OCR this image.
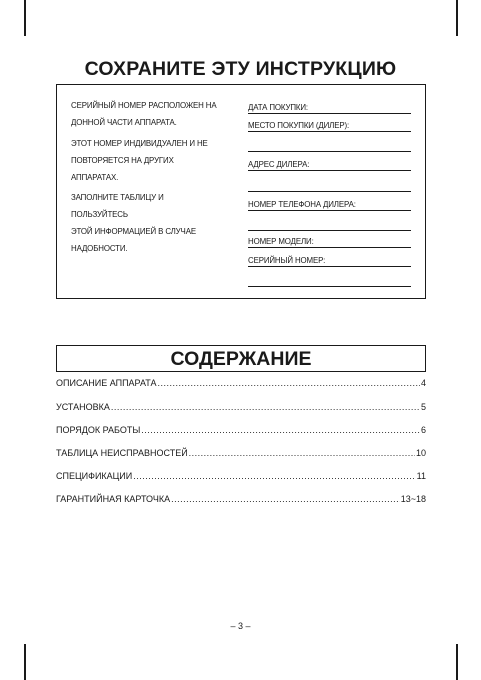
СОХРАНИТЕ ЭТУ ИНСТРУКЦИЮ

СЕРИЙНЫЙ НОМЕР РАСПОЛОЖЕН НА
ДОННОЙ ЧАСТИ АППАРАТА.

ЭТОТ НОМЕР ИНДИВИДУАЛЕН И НЕ
ПОВТОРЯЕТСЯ НА ДРУГИХ АППАРАТАХ.

ЗАПОЛНИТЕ ТАБЛИЦУ И ПОЛЬЗУЙТЕСЬ
ЭТОЙ ИНФОРМАЦИЕЙ В СЛУЧАЕ
НАДОБНОСТИ.

ДАТА ПОКУПКИ:
МЕСТО ПОКУПКИ (ДИЛЕР):
АДРЕС ДИЛЕРА:
НОМЕР ТЕЛЕФОНА ДИЛЕРА:
НОМЕР МОДЕЛИ:
СЕРИЙНЫЙ НОМЕР:
СОДЕРЖАНИЕ
ОПИСАНИЕ АППАРАТА .....	4
УСТАНОВКА .....	5
ПОРЯДОК РАБОТЫ .....	6
ТАБЛИЦА НЕИСПРАВНОСТЕЙ .....	10
СПЕЦИФИКАЦИИ .....	11
ГАРАНТИЙНАЯ КАРТОЧКА .....	13~18
– 3 –
